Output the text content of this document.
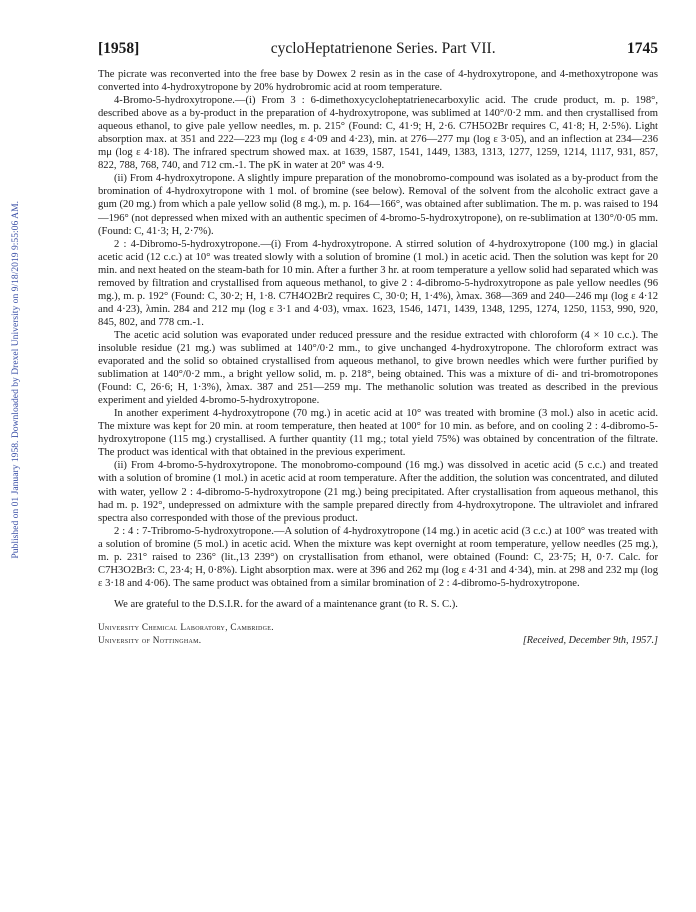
Published on 01 January 1958. Downloaded by Drexel University on 9/18/2019 9:55:06 AM.
[1958]	cycloHeptatrienone Series. Part VII.	1745

The picrate was reconverted into the free base by Dowex 2 resin as in the case of 4-hydroxytropone, and 4-methoxytropone was converted into 4-hydroxytropone by 20% hydrobromic acid at room temperature.

4-Bromo-5-hydroxytropone.—(i) From 3 : 6-dimethoxycycloheptatrienecarboxylic acid. The crude product, m. p. 198°, described above as a by-product in the preparation of 4-hydroxytropone, was sublimed at 140°/0·2 mm. and then crystallised from aqueous ethanol, to give pale yellow needles, m. p. 215° (Found: C, 41·9; H, 2·6. C7H5O2Br requires C, 41·8; H, 2·5%). Light absorption max. at 351 and 222—223 mμ (log ε 4·09 and 4·23), min. at 276—277 mμ (log ε 3·05), and an inflection at 234—236 mμ (log ε 4·18). The infrared spectrum showed max. at 1639, 1587, 1541, 1449, 1383, 1313, 1277, 1259, 1214, 1117, 931, 857, 822, 788, 768, 740, and 712 cm.-1. The pK in water at 20° was 4·9.

(ii) From 4-hydroxytropone. A slightly impure preparation of the monobromo-compound was isolated as a by-product from the bromination of 4-hydroxytropone with 1 mol. of bromine (see below). Removal of the solvent from the alcoholic extract gave a gum (20 mg.) from which a pale yellow solid (8 mg.), m. p. 164—166°, was obtained after sublimation. The m. p. was raised to 194—196° (not depressed when mixed with an authentic specimen of 4-bromo-5-hydroxytropone), on re-sublimation at 130°/0·05 mm. (Found: C, 41·3; H, 2·7%).

2 : 4-Dibromo-5-hydroxytropone.—(i) From 4-hydroxytropone. A stirred solution of 4-hydroxytropone (100 mg.) in glacial acetic acid (12 c.c.) at 10° was treated slowly with a solution of bromine (1 mol.) in acetic acid. Then the solution was kept for 20 min. and next heated on the steam-bath for 10 min. After a further 3 hr. at room temperature a yellow solid had separated which was removed by filtration and crystallised from aqueous methanol, to give 2 : 4-dibromo-5-hydroxytropone as pale yellow needles (96 mg.), m. p. 192° (Found: C, 30·2; H, 1·8. C7H4O2Br2 requires C, 30·0; H, 1·4%), λmax. 368—369 and 240—246 mμ (log ε 4·12 and 4·23), λmin. 284 and 212 mμ (log ε 3·1 and 4·03), νmax. 1623, 1546, 1471, 1439, 1348, 1295, 1274, 1250, 1153, 990, 920, 845, 802, and 778 cm.-1.

The acetic acid solution was evaporated under reduced pressure and the residue extracted with chloroform (4 × 10 c.c.). The insoluble residue (21 mg.) was sublimed at 140°/0·2 mm., to give unchanged 4-hydroxytropone. The chloroform extract was evaporated and the solid so obtained crystallised from aqueous methanol, to give brown needles which were further purified by sublimation at 140°/0·2 mm., a bright yellow solid, m. p. 218°, being obtained. This was a mixture of di- and tri-bromotropones (Found: C, 26·6; H, 1·3%), λmax. 387 and 251—259 mμ. The methanolic solution was treated as described in the previous experiment and yielded 4-bromo-5-hydroxytropone.

In another experiment 4-hydroxytropone (70 mg.) in acetic acid at 10° was treated with bromine (3 mol.) also in acetic acid. The mixture was kept for 20 min. at room temperature, then heated at 100° for 10 min. as before, and on cooling 2 : 4-dibromo-5-hydroxytropone (115 mg.) crystallised. A further quantity (11 mg.; total yield 75%) was obtained by concentration of the filtrate. The product was identical with that obtained in the previous experiment.

(ii) From 4-bromo-5-hydroxytropone. The monobromo-compound (16 mg.) was dissolved in acetic acid (5 c.c.) and treated with a solution of bromine (1 mol.) in acetic acid at room temperature. After the addition, the solution was concentrated, and diluted with water, yellow 2 : 4-dibromo-5-hydroxytropone (21 mg.) being precipitated. After crystallisation from aqueous methanol, this had m. p. 192°, undepressed on admixture with the sample prepared directly from 4-hydroxytropone. The ultraviolet and infrared spectra also corresponded with those of the previous product.

2 : 4 : 7-Tribromo-5-hydroxytropone.—A solution of 4-hydroxytropone (14 mg.) in acetic acid (3 c.c.) at 100° was treated with a solution of bromine (5 mol.) in acetic acid. When the mixture was kept overnight at room temperature, yellow needles (25 mg.), m. p. 231° raised to 236° (lit.,13 239°) on crystallisation from ethanol, were obtained (Found: C, 23·75; H, 0·7. Calc. for C7H3O2Br3: C, 23·4; H, 0·8%). Light absorption max. were at 396 and 262 mμ (log ε 4·31 and 4·34), min. at 298 and 232 mμ (log ε 3·18 and 4·06). The same product was obtained from a similar bromination of 2 : 4-dibromo-5-hydroxytropone.

We are grateful to the D.S.I.R. for the award of a maintenance grant (to R. S. C.).

University Chemical Laboratory, Cambridge.
University of Nottingham.	[Received, December 9th, 1957.]
